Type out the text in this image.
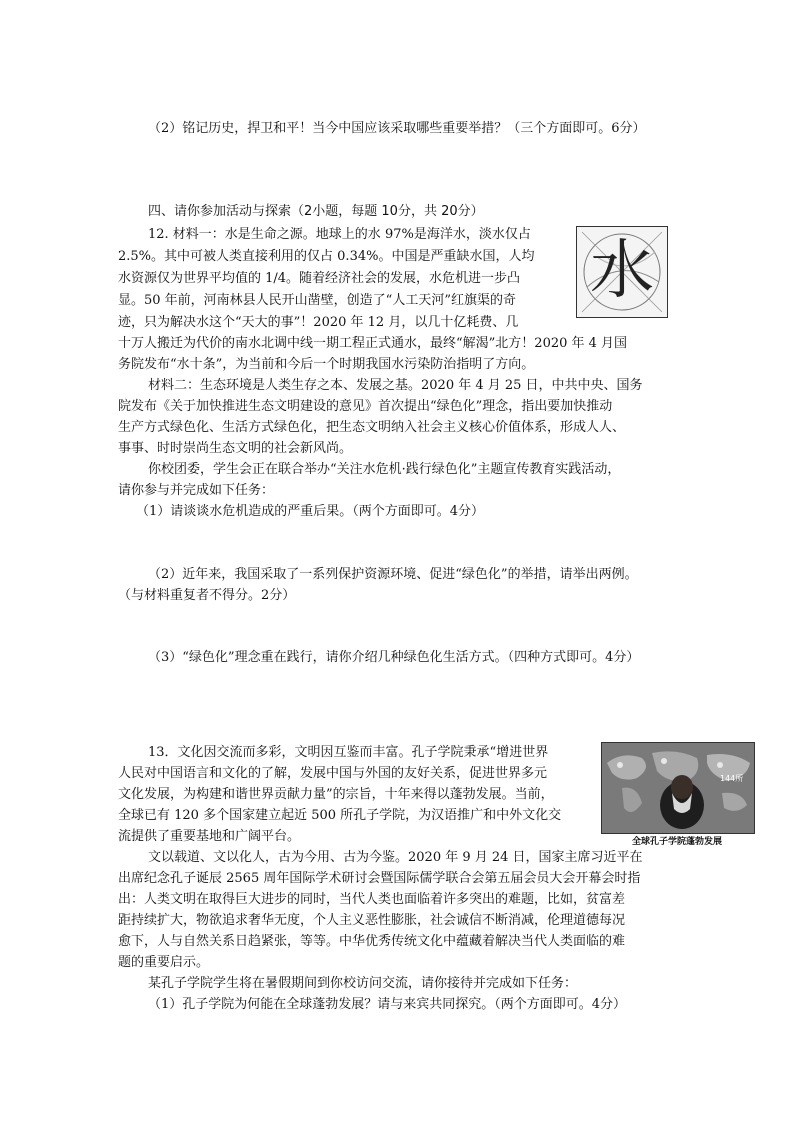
（2）铭记历史，捍卫和平！当今中国应该采取哪些重要举措？（三个方面即可。6分）
四、请你参加活动与探索（2小题，每题 10分，共 20分）
12. 材料一：水是生命之源。地球上的水 97%是海洋水，淡水仅占
2.5%。其中可被人类直接利用的仅占 0.34%。中国是严重缺水国，人均
水资源仅为世界平均值的 1/4。随着经济社会的发展，水危机进一步凸
显。50 年前，河南林县人民开山凿壁，创造了“人工天河”红旗渠的奇
迹，只为解决水这个“天大的事”！2020 年 12 月，以几十亿耗费、几
十万人搬迁为代价的南水北调中线一期工程正式通水，最终“解渴”北方！2020 年 4 月国
务院发布“水十条”，为当前和今后一个时期我国水污染防治指明了方向。
材料二：生态环境是人类生存之本、发展之基。2020 年 4 月 25 日，中共中央、国务
院发布《关于加快推进生态文明建设的意见》首次提出“绿色化”理念，指出要加快推动
生产方式绿色化、生活方式绿色化，把生态文明纳入社会主义核心价值体系，形成人人、
事事、时时崇尚生态文明的社会新风尚。
你校团委，学生会正在联合举办“关注水危机·践行绿色化”主题宣传教育实践活动，
请你参与并完成如下任务：
（1）请谈谈水危机造成的严重后果。（两个方面即可。4分）
（2）近年来，我国采取了一系列保护资源环境、促进“绿色化”的举措，请举出两例。
（与材料重复者不得分。2分）
（3）“绿色化”理念重在践行，请你介绍几种绿色化生活方式。（四种方式即可。4分）
水
13．文化因交流而多彩，文明因互鉴而丰富。孔子学院秉承“增进世界
人民对中国语言和文化的了解，发展中国与外国的友好关系，促进世界多元
文化发展，为构建和谐世界贡献力量”的宗旨，十年来得以蓬勃发展。当前，
全球已有 120 多个国家建立起近 500 所孔子学院，为汉语推广和中外文化交
流提供了重要基地和广阔平台。
文以载道、文以化人，古为今用、古为今鉴。2020 年 9 月 24 日，国家主席习近平在
出席纪念孔子诞辰 2565 周年国际学术研讨会暨国际儒学联合会第五届会员大会开幕会时指
出：人类文明在取得巨大进步的同时，当代人类也面临着许多突出的难题，比如，贫富差
距持续扩大，物欲追求奢华无度，个人主义恶性膨胀，社会诚信不断消减，伦理道德每况
愈下，人与自然关系日趋紧张，等等。中华优秀传统文化中蕴藏着解决当代人类面临的难
题的重要启示。
某孔子学院学生将在暑假期间到你校访问交流，请你接待并完成如下任务：
（1）孔子学院为何能在全球蓬勃发展？请与来宾共同探究。（两个方面即可。4分）
144所
全球孔子学院蓬勃发展
